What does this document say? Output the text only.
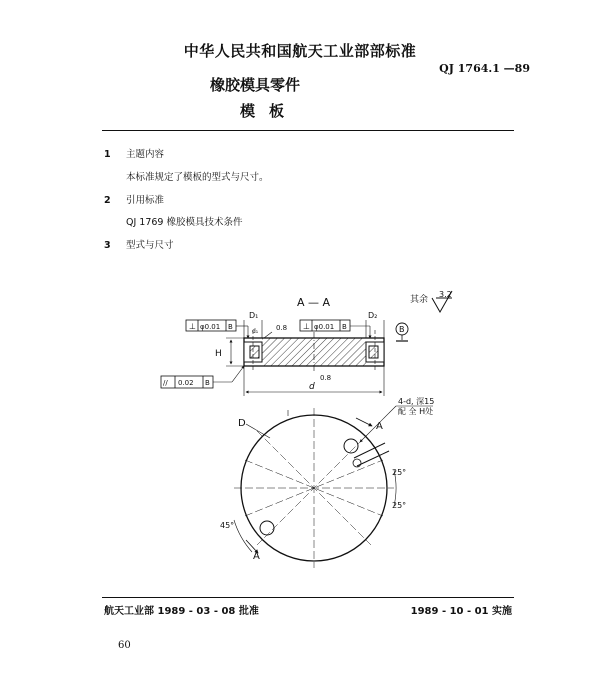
中华人民共和国航天工业部部标准
QJ 1764.1 —89
橡胶模具零件
模板
1 主题内容
本标准规定了模板的型式与尺寸。
2 引用标准
QJ 1769 橡胶模具技术条件
3 型式与尺寸
A — A	其余
3.2
D₁
d₁
D₂
0.8
H
d
0.8
⊥ φ0.01 B	⊥ φ0.01 B	B
// 0.02 B
A
A
D
4-d, 深15
配 全 H处
25°
25°
45°
航天工业部 1989 - 03 - 08 批准	1989 - 10 - 01 实施
60
